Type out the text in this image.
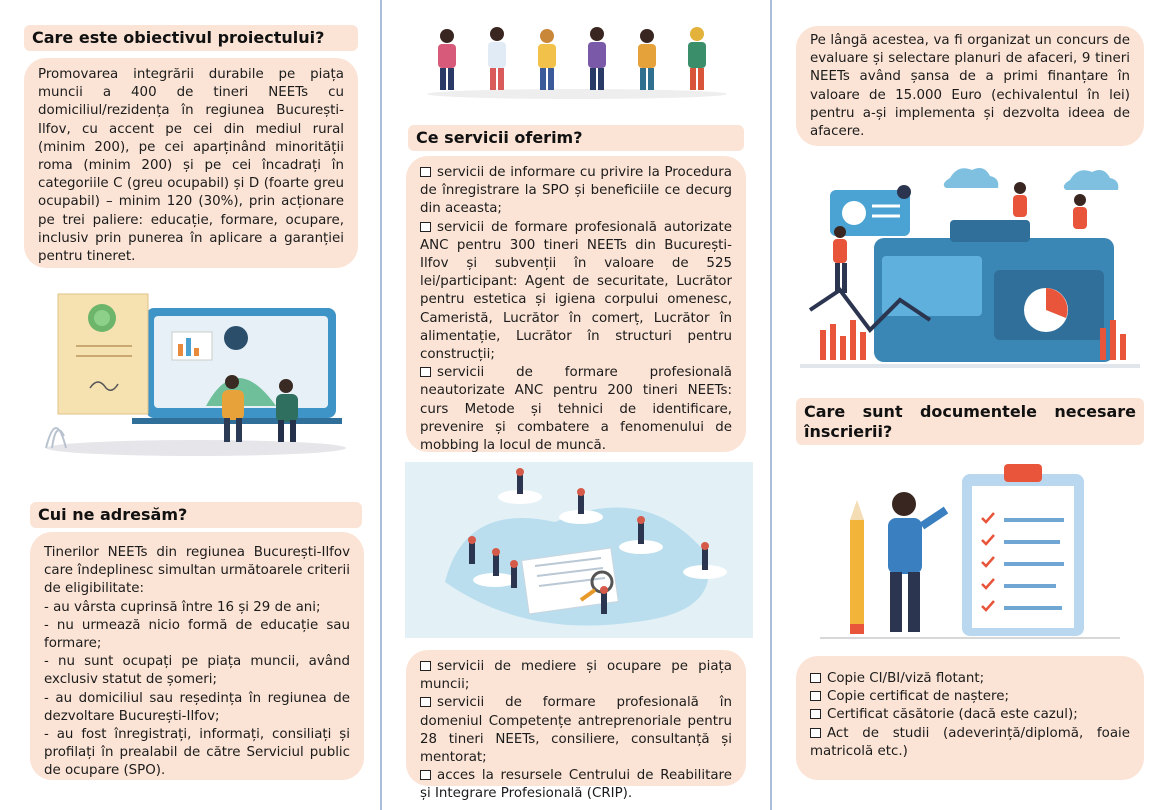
Care este obiectivul proiectului?

Promovarea integrării durabile pe piața muncii a 400 de tineri NEETs cu domiciliul/rezidența în regiunea București-Ilfov, cu accent pe cei din mediul rural (minim 200), pe cei aparținând minorității roma (minim 200) și pe cei încadrați în categoriile C (greu ocupabil) și D (foarte greu ocupabil) – minim 120 (30%), prin acționare pe trei paliere: educație, formare, ocupare, inclusiv prin punerea în aplicare a garanției pentru tineret.

Cui ne adresăm?

Tinerilor NEETs din regiunea București-Ilfov care îndeplinesc simultan următoarele criterii de eligibilitate:

- au vârsta cuprinsă între 16 și 29 de ani;

- nu urmează nicio formă de educație sau formare;

- nu sunt ocupați pe piața muncii, având exclusiv statut de șomeri;

- au domiciliul sau reședința în regiunea de dezvoltare București-Ilfov;

- au fost înregistrați, informați, consiliați și profilați în prealabil de către Serviciul public de ocupare (SPO).

Ce servicii oferim?

servicii de informare cu privire la Procedura de înregistrare la SPO și beneficiile ce decurg din aceasta;

servicii de formare profesională autorizate ANC pentru 300 tineri NEETs din București-Ilfov și subvenții în valoare de 525 lei/participant: Agent de securitate, Lucrător pentru estetica și igiena corpului omenesc, Cameristă, Lucrător în comerț, Lucrător în alimentație, Lucrător în structuri pentru construcții;

servicii de formare profesională neautorizate ANC pentru 200 tineri NEETs: curs Metode și tehnici de identificare, prevenire și combatere a fenomenului de mobbing la locul de muncă.

servicii de mediere și ocupare pe piața muncii;

servicii de formare profesională în domeniul Competențe antreprenoriale pentru 28 tineri NEETs, consiliere, consultanță și mentorat;

acces la resursele Centrului de Reabilitare și Integrare Profesională (CRIP).

Pe lângă acestea, va fi organizat un concurs de evaluare și selectare planuri de afaceri, 9 tineri NEETs având șansa de a primi finanțare în valoare de 15.000 Euro (echivalentul în lei) pentru a-și implementa și dezvolta ideea de afacere.

Care sunt documentele necesare înscrierii?

Copie CI/BI/viză flotant;

Copie certificat de naștere;

Certificat căsătorie (dacă este cazul);

Act de studii (adeverință/diplomă, foaie matricolă etc.)
